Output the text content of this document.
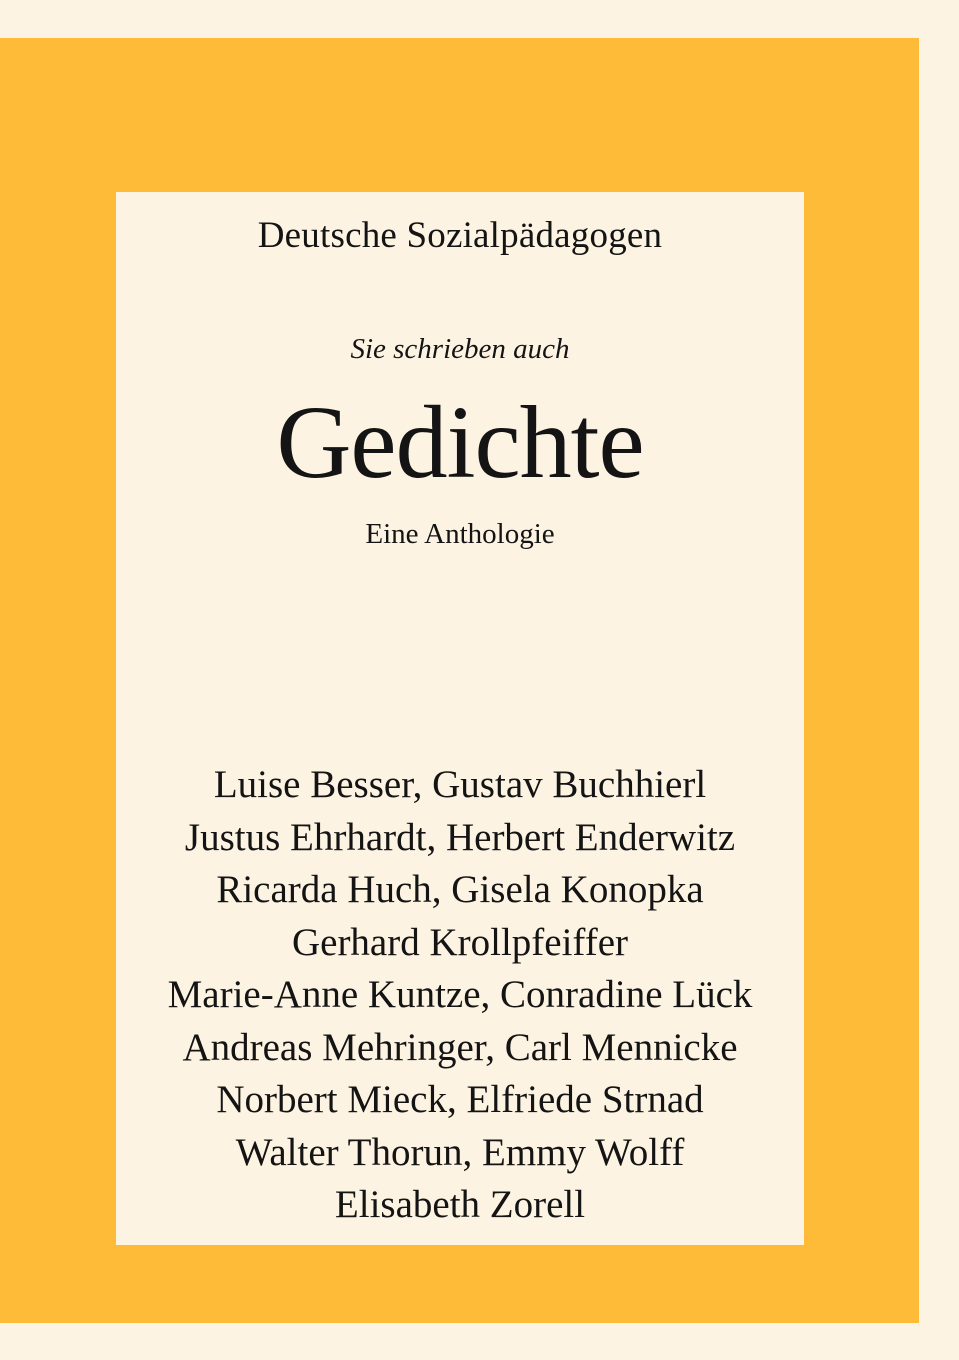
Deutsche Sozialpädagogen
Sie schrieben auch
Gedichte
Eine Anthologie
Luise Besser, Gustav Buchhierl
Justus Ehrhardt, Herbert Enderwitz
Ricarda Huch, Gisela Konopka
Gerhard Krollpfeiffer
Marie-Anne Kuntze, Conradine Lück
Andreas Mehringer, Carl Mennicke
Norbert Mieck, Elfriede Strnad
Walter Thorun, Emmy Wolff
Elisabeth Zorell
